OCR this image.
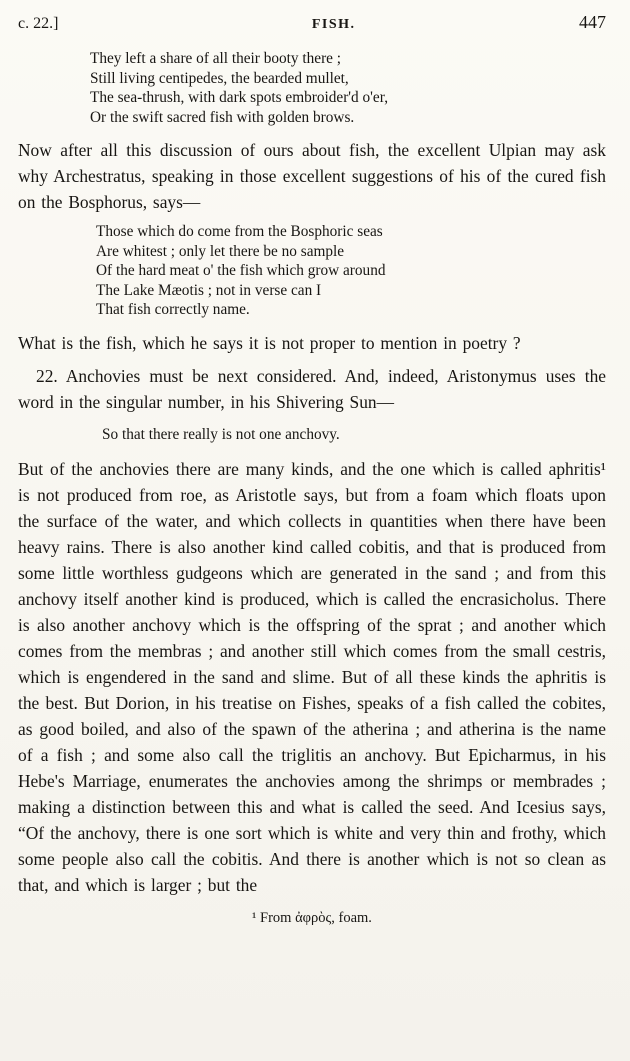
c. 22.]	FISH.	447
They left a share of all their booty there ;
Still living centipedes, the bearded mullet,
The sea-thrush, with dark spots embroider'd o'er,
Or the swift sacred fish with golden brows.

Now after all this discussion of ours about fish, the excellent Ulpian may ask why Archestratus, speaking in those excellent suggestions of his of the cured fish on the Bosphorus, says—

Those which do come from the Bosphoric seas
Are whitest ; only let there be no sample
Of the hard meat o' the fish which grow around
The Lake Mæotis ; not in verse can I
That fish correctly name.

What is the fish, which he says it is not proper to mention in poetry ?

22. Anchovies must be next considered. And, indeed, Aristonymus uses the word in the singular number, in his Shivering Sun—

So that there really is not one anchovy.

But of the anchovies there are many kinds, and the one which is called aphritis¹ is not produced from roe, as Aristotle says, but from a foam which floats upon the surface of the water, and which collects in quantities when there have been heavy rains. There is also another kind called cobitis, and that is produced from some little worthless gudgeons which are generated in the sand ; and from this anchovy itself another kind is produced, which is called the encrasicholus. There is also another anchovy which is the offspring of the sprat ; and another which comes from the membras ; and another still which comes from the small cestris, which is engendered in the sand and slime. But of all these kinds the aphritis is the best. But Dorion, in his treatise on Fishes, speaks of a fish called the cobites, as good boiled, and also of the spawn of the atherina ; and atherina is the name of a fish ; and some also call the triglitis an anchovy. But Epicharmus, in his Hebe's Marriage, enumerates the anchovies among the shrimps or membrades ; making a distinction between this and what is called the seed. And Icesius says, “Of the anchovy, there is one sort which is white and very thin and frothy, which some people also call the cobitis. And there is another which is not so clean as that, and which is larger ; but the

¹ From ἀφρὸς, foam.
